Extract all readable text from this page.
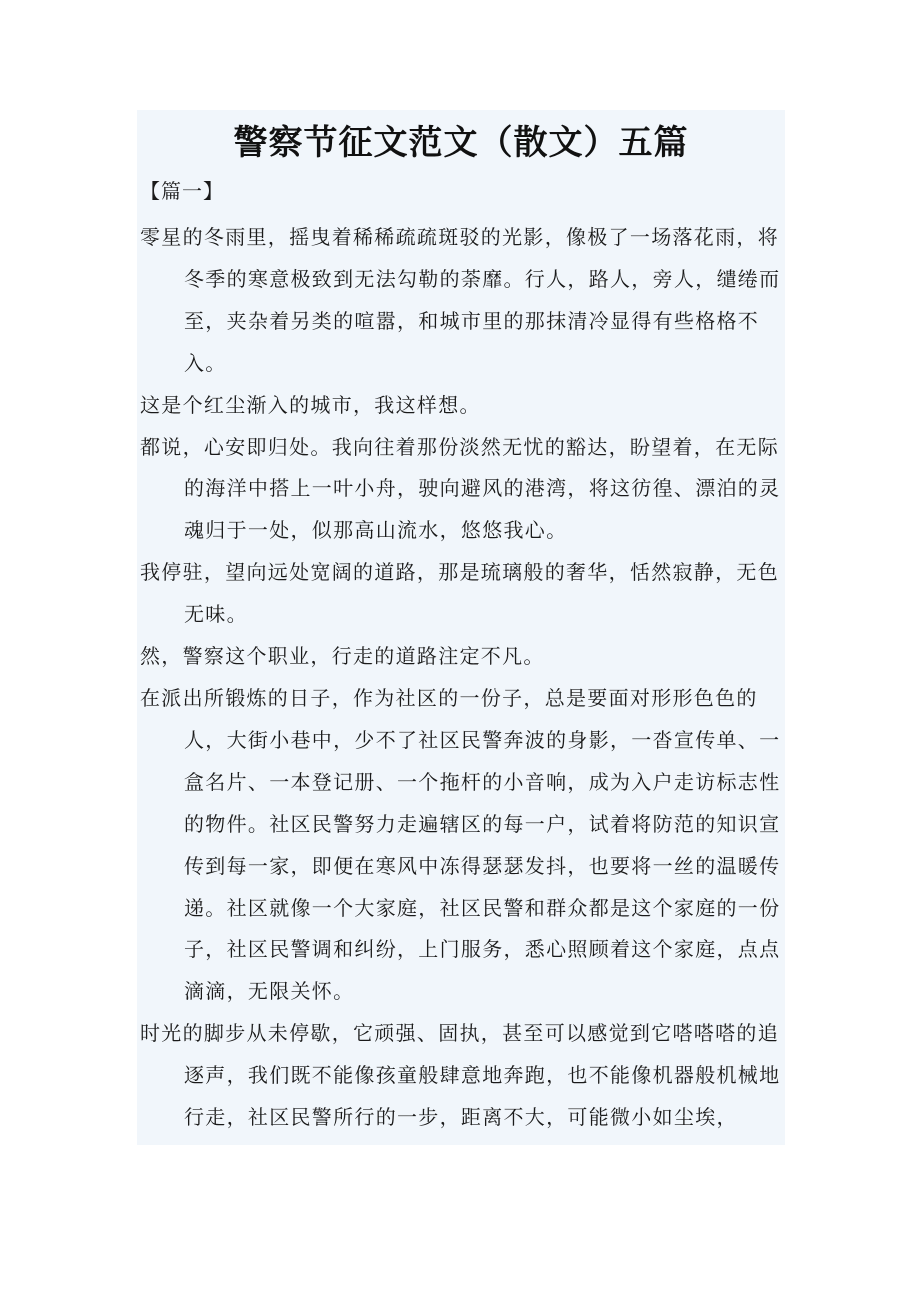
警察节征文范文（散文）五篇
【篇一】

零星的冬雨里，摇曳着稀稀疏疏斑驳的光影，像极了一场落花雨，将冬季的寒意极致到无法勾勒的荼靡。行人，路人，旁人，缱绻而至，夹杂着另类的喧嚣，和城市里的那抹清冷显得有些格格不入。

这是个红尘渐入的城市，我这样想。

都说，心安即归处。我向往着那份淡然无忧的豁达，盼望着，在无际的海洋中搭上一叶小舟，驶向避风的港湾，将这彷徨、漂泊的灵魂归于一处，似那高山流水，悠悠我心。

我停驻，望向远处宽阔的道路，那是琉璃般的奢华，恬然寂静，无色无味。

然，警察这个职业，行走的道路注定不凡。

在派出所锻炼的日子，作为社区的一份子，总是要面对形形色色的人，大街小巷中，少不了社区民警奔波的身影，一沓宣传单、一盒名片、一本登记册、一个拖杆的小音响，成为入户走访标志性的物件。社区民警努力走遍辖区的每一户，试着将防范的知识宣传到每一家，即便在寒风中冻得瑟瑟发抖，也要将一丝的温暖传递。社区就像一个大家庭，社区民警和群众都是这个家庭的一份子，社区民警调和纠纷，上门服务，悉心照顾着这个家庭，点点滴滴，无限关怀。

时光的脚步从未停歇，它顽强、固执，甚至可以感觉到它嗒嗒嗒的追逐声，我们既不能像孩童般肆意地奔跑，也不能像机器般机械地行走，社区民警所行的一步，距离不大，可能微小如尘埃，
